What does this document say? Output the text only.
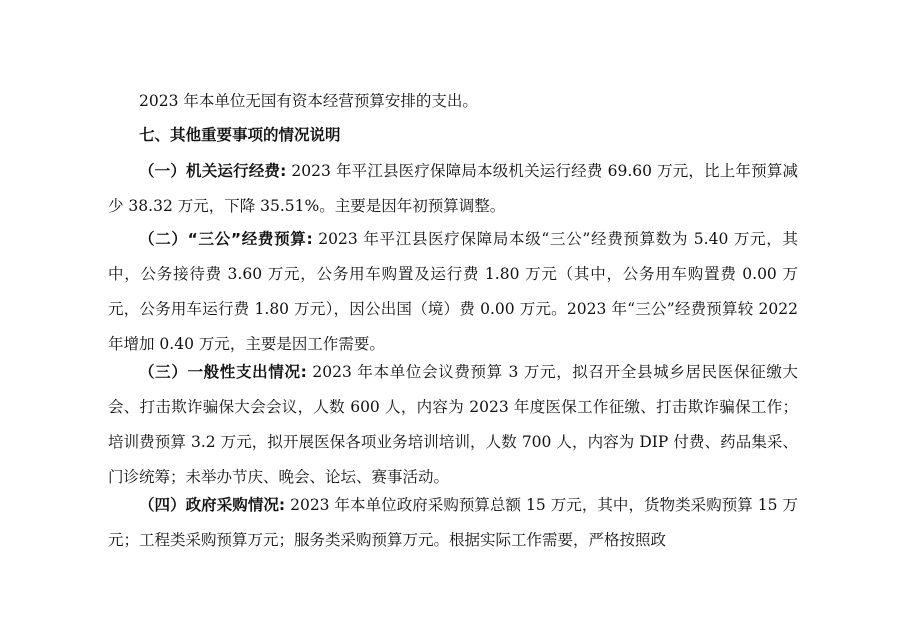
2023 年本单位无国有资本经营预算安排的支出。

七、其他重要事项的情况说明

（一）机关运行经费: 2023 年平江县医疗保障局本级机关运行经费 69.60 万元，比上年预算减少 38.32 万元，下降 35.51%。主要是因年初预算调整。

（二）“三公”经费预算: 2023 年平江县医疗保障局本级“三公”经费预算数为 5.40 万元，其中，公务接待费 3.60 万元，公务用车购置及运行费 1.80 万元（其中，公务用车购置费 0.00 万元，公务用车运行费 1.80 万元），因公出国（境）费 0.00 万元。2023 年“三公”经费预算较 2022 年增加 0.40 万元，主要是因工作需要。

（三）一般性支出情况: 2023 年本单位会议费预算 3 万元，拟召开全县城乡居民医保征缴大会、打击欺诈骗保大会会议，人数 600 人，内容为 2023 年度医保工作征缴、打击欺诈骗保工作；培训费预算 3.2 万元，拟开展医保各项业务培训培训，人数 700 人，内容为 DIP 付费、药品集采、门诊统筹；未举办节庆、晚会、论坛、赛事活动。

（四）政府采购情况: 2023 年本单位政府采购预算总额 15 万元，其中，货物类采购预算 15 万元；工程类采购预算万元；服务类采购预算万元。根据实际工作需要，严格按照政
